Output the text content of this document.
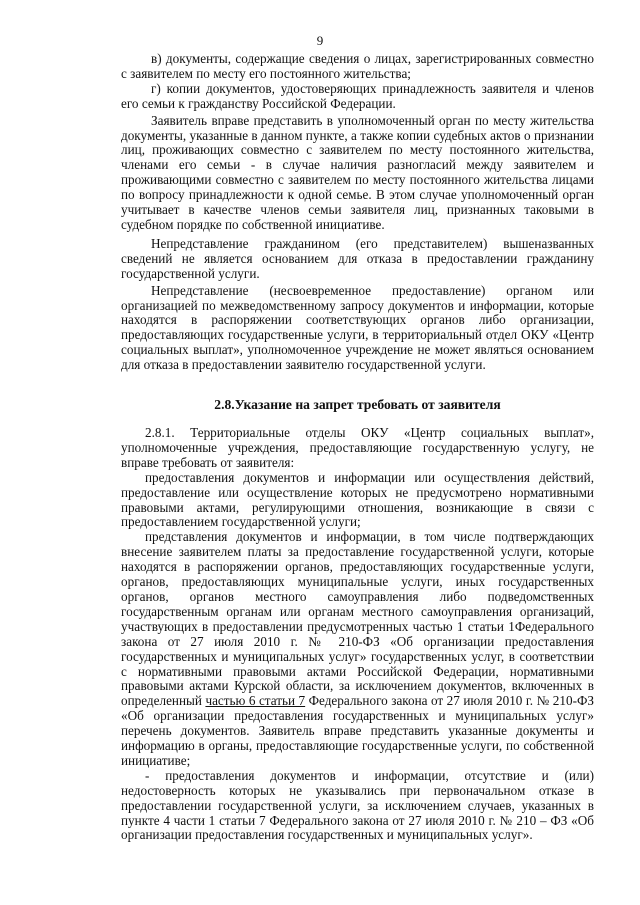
9

в) документы, содержащие сведения о лицах, зарегистрированных совместно с заявителем по месту его постоянного жительства;

г) копии документов, удостоверяющих принадлежность заявителя и членов его семьи к гражданству Российской Федерации.

Заявитель вправе представить в уполномоченный орган по месту жительства документы, указанные в данном пункте, а также копии судебных актов о признании лиц, проживающих совместно с заявителем по месту постоянного жительства, членами его семьи - в случае наличия разногласий между заявителем и проживающими совместно с заявителем по месту постоянного жительства лицами по вопросу принадлежности к одной семье. В этом случае уполномоченный орган учитывает в качестве членов семьи заявителя лиц, признанных таковыми в судебном порядке по собственной инициативе.

Непредставление гражданином (его представителем) вышеназванных сведений не является основанием для отказа в предоставлении гражданину государственной услуги.

Непредставление (несвоевременное предоставление) органом или организацией по межведомственному запросу документов и информации, которые находятся в распоряжении соответствующих органов либо организации, предоставляющих государственные услуги, в территориальный отдел ОКУ «Центр социальных выплат», уполномоченное учреждение не может являться основанием для отказа в предоставлении заявителю государственной услуги.

2.8.Указание на запрет требовать от заявителя

2.8.1. Территориальные отделы ОКУ «Центр социальных выплат», уполномоченные учреждения, предоставляющие государственную услугу, не вправе требовать от заявителя:

предоставления документов и информации или осуществления действий, предоставление или осуществление которых не предусмотрено нормативными правовыми актами, регулирующими отношения, возникающие в связи с предоставлением государственной услуги;

представления документов и информации, в том числе подтверждающих внесение заявителем платы за предоставление государственной услуги, которые находятся в распоряжении органов, предоставляющих государственные услуги, органов, предоставляющих муниципальные услуги, иных государственных органов, органов местного самоуправления либо подведомственных государственным органам или органам местного самоуправления организаций, участвующих в предоставлении предусмотренных частью 1 статьи 1Федерального закона от 27 июля 2010 г. № 210-ФЗ «Об организации предоставления государственных и муниципальных услуг» государственных услуг, в соответствии с нормативными правовыми актами Российской Федерации, нормативными правовыми актами Курской области, за исключением документов, включенных в определенный частью 6 статьи 7 Федерального закона от 27 июля 2010 г. № 210-ФЗ «Об организации предоставления государственных и муниципальных услуг» перечень документов. Заявитель вправе представить указанные документы и информацию в органы, предоставляющие государственные услуги, по собственной инициативе;

- предоставления документов и информации, отсутствие и (или) недостоверность которых не указывались при первоначальном отказе в предоставлении государственной услуги, за исключением случаев, указанных в пункте 4 части 1 статьи 7 Федерального закона от 27 июля 2010 г. № 210 – ФЗ «Об организации предоставления государственных и муниципальных услуг».
